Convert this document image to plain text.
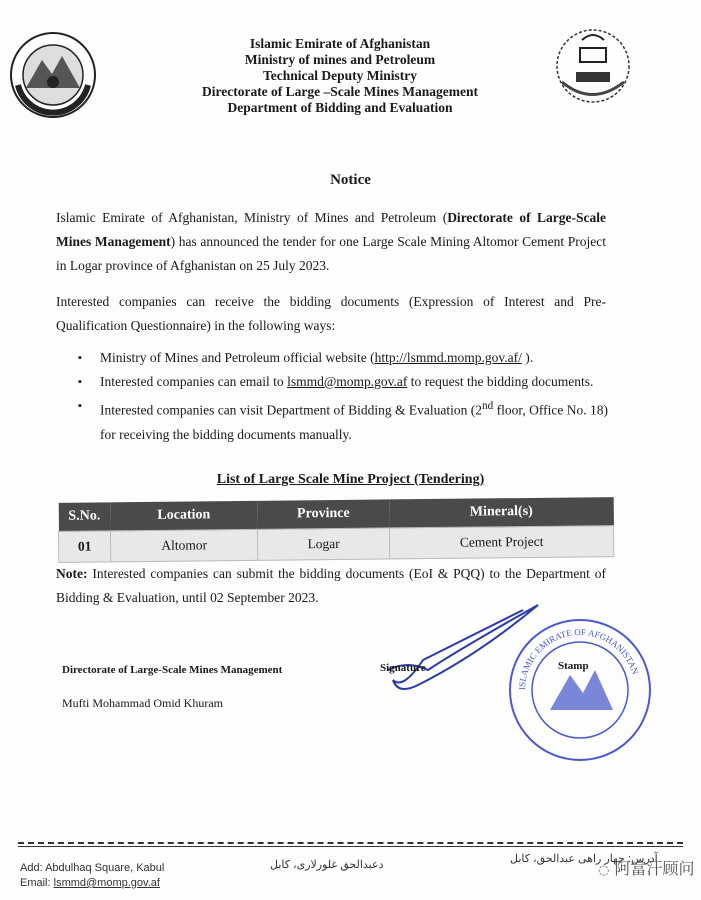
Islamic Emirate of Afghanistan
Ministry of mines and Petroleum
Technical Deputy Ministry
Directorate of Large –Scale Mines Management
Department of Bidding and Evaluation
Notice
Islamic Emirate of Afghanistan, Ministry of Mines and Petroleum (Directorate of Large-Scale Mines Management) has announced the tender for one Large Scale Mining Altomor Cement Project in Logar province of Afghanistan on 25 July 2023.
Interested companies can receive the bidding documents (Expression of Interest and Pre-Qualification Questionnaire) in the following ways:
▪ Ministry of Mines and Petroleum official website (http://lsmmd.momp.gov.af/ ).
▪ Interested companies can email to lsmmd@momp.gov.af to request the bidding documents.
▪ Interested companies can visit Department of Bidding & Evaluation (2nd floor, Office No. 18) for receiving the bidding documents manually.
List of Large Scale Mine Project (Tendering)
S.No.	Location	Province	Mineral(s)
01	Altomor	Logar	Cement Project
Note: Interested companies can submit the bidding documents (EoI & PQQ) to the Department of Bidding & Evaluation, until 02 September 2023.
Directorate of Large-Scale Mines Management
Mufti Mohammad Omid Khuram
Signature
ISLAMIC EMIRATE OF AFGHANISTAN
Stamp
Add: Abdulhaq Square, Kabul
Email: lsmmd@momp.gov.af
دعبدالحق غلورلاری، کابل	آدرس: چهار راهی عبدالحق، کابل
◌ 阿富汗顾问
